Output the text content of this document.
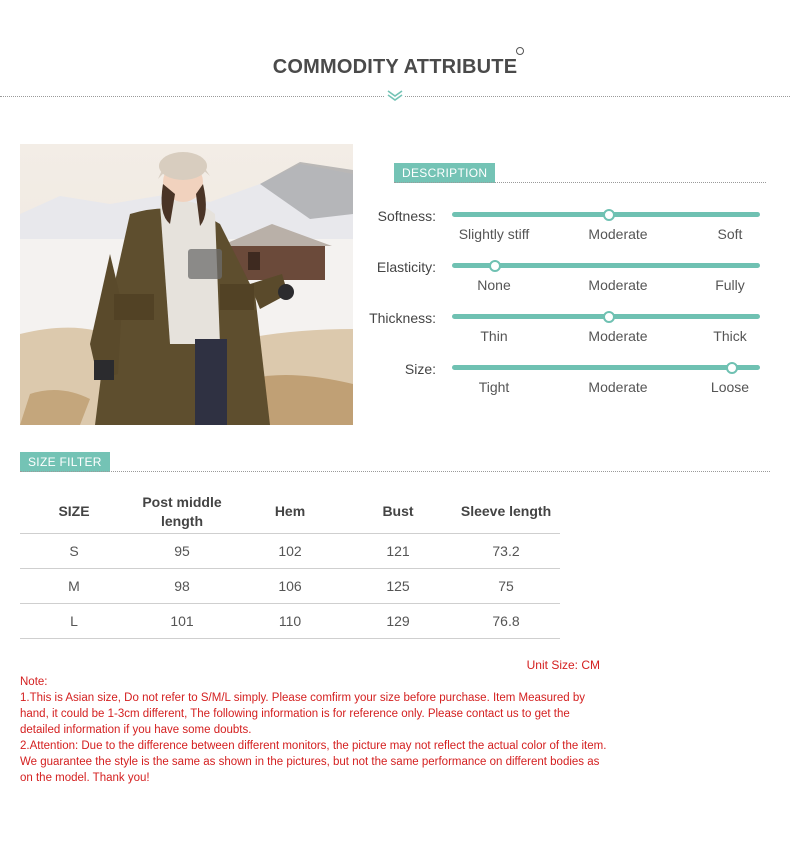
COMMODITY ATTRIBUTE
DESCRIPTION
Softness:
Slightly stiff	Moderate	Soft
Elasticity:
None	Moderate	Fully
Thickness:
Thin	Moderate	Thick
Size:
Tight	Moderate	Loose
SIZE FILTER
SIZE	Post middle length	Hem	Bust	Sleeve length
S	95	102	121	73.2
M	98	106	125	75
L	101	110	129	76.8
Unit Size: CM

Note:

1.This is Asian size, Do not refer to S/M/L simply. Please comfirm your size before purchase. Item Measured by hand, it could be 1-3cm different, The following information is for reference only. Please contact us to get the detailed information if you have some doubts.

2.Attention: Due to the difference between different monitors, the picture may not reflect the actual color of the item. We guarantee the style is the same as shown in the pictures, but not the same performance on different bodies as on the model. Thank you!
